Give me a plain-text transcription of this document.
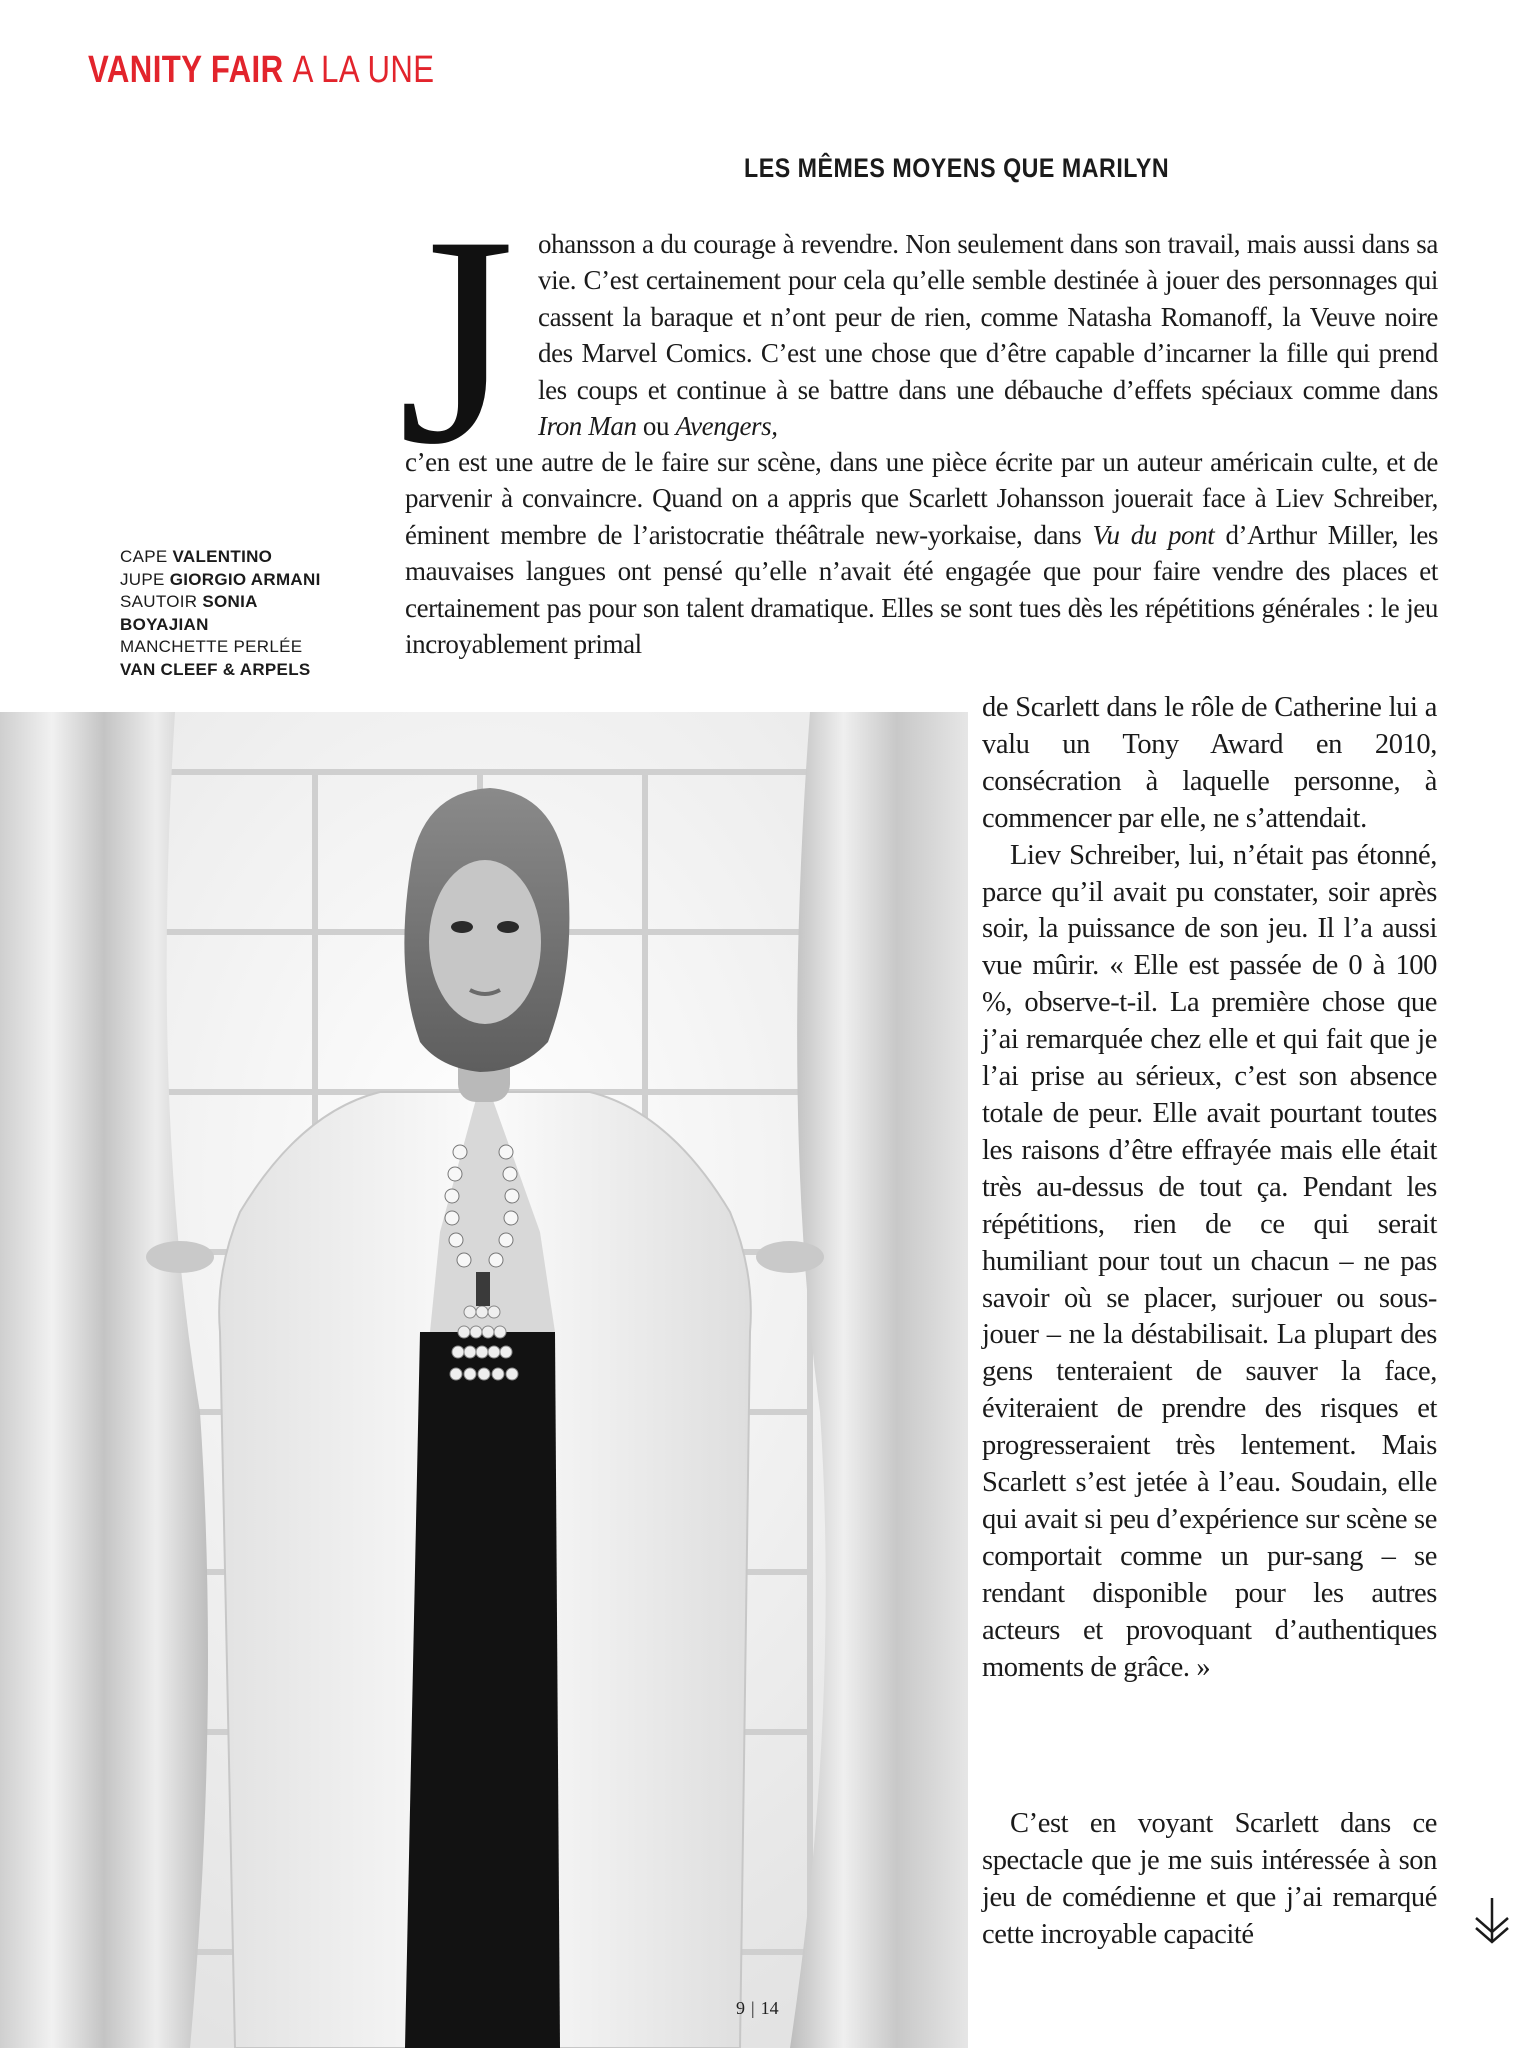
VANITY FAIR A LA UNE
LES MÊMES MOYENS QUE MARILYN
J ohansson a du courage à revendre. Non seulement dans son travail, mais aussi dans sa vie. C’est certainement pour cela qu’elle semble destinée à jouer des personnages qui cassent la baraque et n’ont peur de rien, comme Natasha Romanoff, la Veuve noire des Marvel Comics. C’est une chose que d’être capable d’incarner la fille qui prend les coups et continue à se battre dans une débauche d’effets spéciaux comme dans Iron Man ou Avengers,

c’en est une autre de le faire sur scène, dans une pièce écrite par un auteur américain culte, et de parvenir à convaincre. Quand on a appris que Scarlett Johansson jouerait face à Liev Schreiber, éminent membre de l’aristocratie théâtrale new-yorkaise, dans Vu du pont d’Arthur Miller, les mauvaises langues ont pensé qu’elle n’avait été engagée que pour faire vendre des places et certainement pas pour son talent dramatique. Elles se sont tues dès les répétitions générales : le jeu incroyablement primal

de Scarlett dans le rôle de Catherine lui a valu un Tony Award en 2010, consécration à laquelle personne, à commencer par elle, ne s’attendait.
Liev Schreiber, lui, n’était pas étonné, parce qu’il avait pu constater, soir après soir, la puissance de son jeu. Il l’a aussi vue mûrir. « Elle est passée de 0 à 100 %, observe-t-il. La première chose que j’ai remarquée chez elle et qui fait que je l’ai prise au sérieux, c’est son absence totale de peur. Elle avait pourtant toutes les raisons d’être effrayée mais elle était très au-dessus de tout ça. Pendant les répétitions, rien de ce qui serait humiliant pour tout un chacun – ne pas savoir où se placer, surjouer ou sous-jouer – ne la déstabilisait. La plupart des gens tenteraient de sauver la face, éviteraient de prendre des risques et progresseraient très lentement. Mais Scarlett s’est jetée à l’eau. Soudain, elle qui avait si peu d’expérience sur scène se comportait comme un pur-sang – se rendant disponible pour les autres acteurs et provoquant d’authentiques moments de grâce. »

C’est en voyant Scarlett dans ce spectacle que je me suis intéressée à son jeu de comédienne et que j’ai remarqué cette incroyable capacité

CAPE VALENTINO
JUPE GIORGIO ARMANI
SAUTOIR SONIA
BOYAJIAN
MANCHETTE PERLÉE
VAN CLEEF & ARPELS
9 | 14
